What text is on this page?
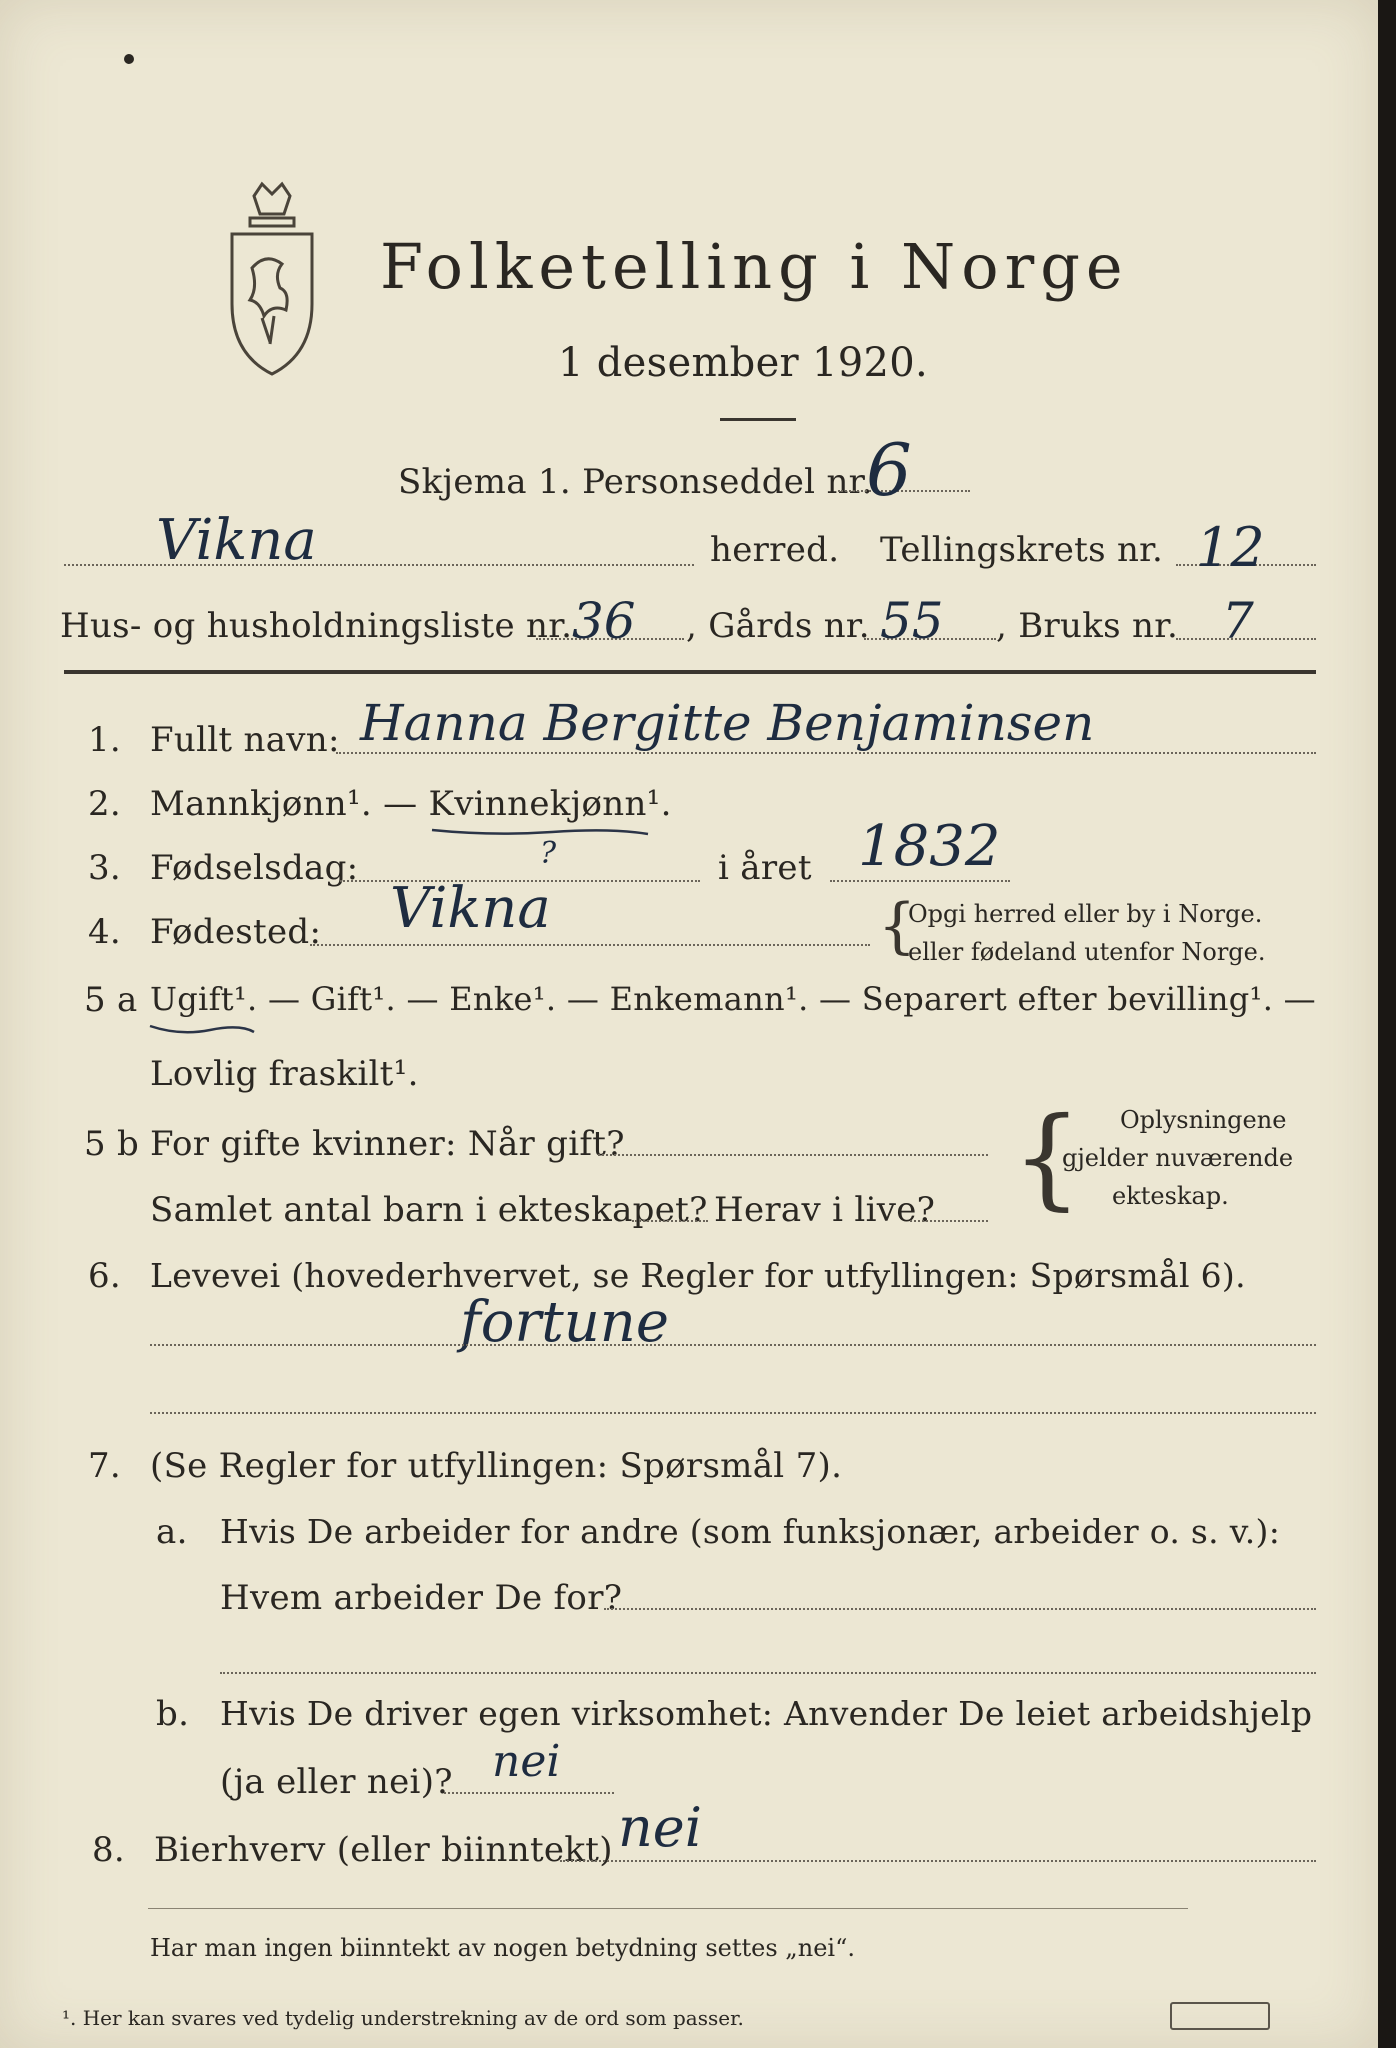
Folketelling i Norge
1 desember 1920.
Skjema 1. Personseddel nr.
6
Vikna	herred. Tellingskrets nr. 12
Hus- og husholdningsliste nr. 36 , Gårds nr. 55 , Bruks nr. 7
1. Fullt navn: Hanna Bergitte Benjaminsen
2. Mannkjønn¹. — Kvinnekjønn¹.
3. Fødselsdag:	?	i året 1832
4. Fødested: Vikna	{
Opgi herred eller by i Norge.
eller fødeland utenfor Norge.
5 a Ugift¹. — Gift¹. — Enke¹. — Enkemann¹. — Separert efter bevilling¹. —
Lovlig fraskilt¹.
5 b For gifte kvinner: Når gift?
Samlet antal barn i ekteskapet? Herav i live? { Oplysningene
gjelder nuværende
ekteskap.
6. Levevei (hovederhvervet, se Regler for utfyllingen: Spørsmål 6).
fortune
7. (Se Regler for utfyllingen: Spørsmål 7).
a. Hvis De arbeider for andre (som funksjonær, arbeider o. s. v.):
Hvem arbeider De for?
b. Hvis De driver egen virksomhet: Anvender De leiet arbeidshjelp
(ja eller nei)? nei
8. Bierhverv (eller biinntekt) nei
Har man ingen biinntekt av nogen betydning settes „nei“.
¹. Her kan svares ved tydelig understrekning av de ord som passer.
